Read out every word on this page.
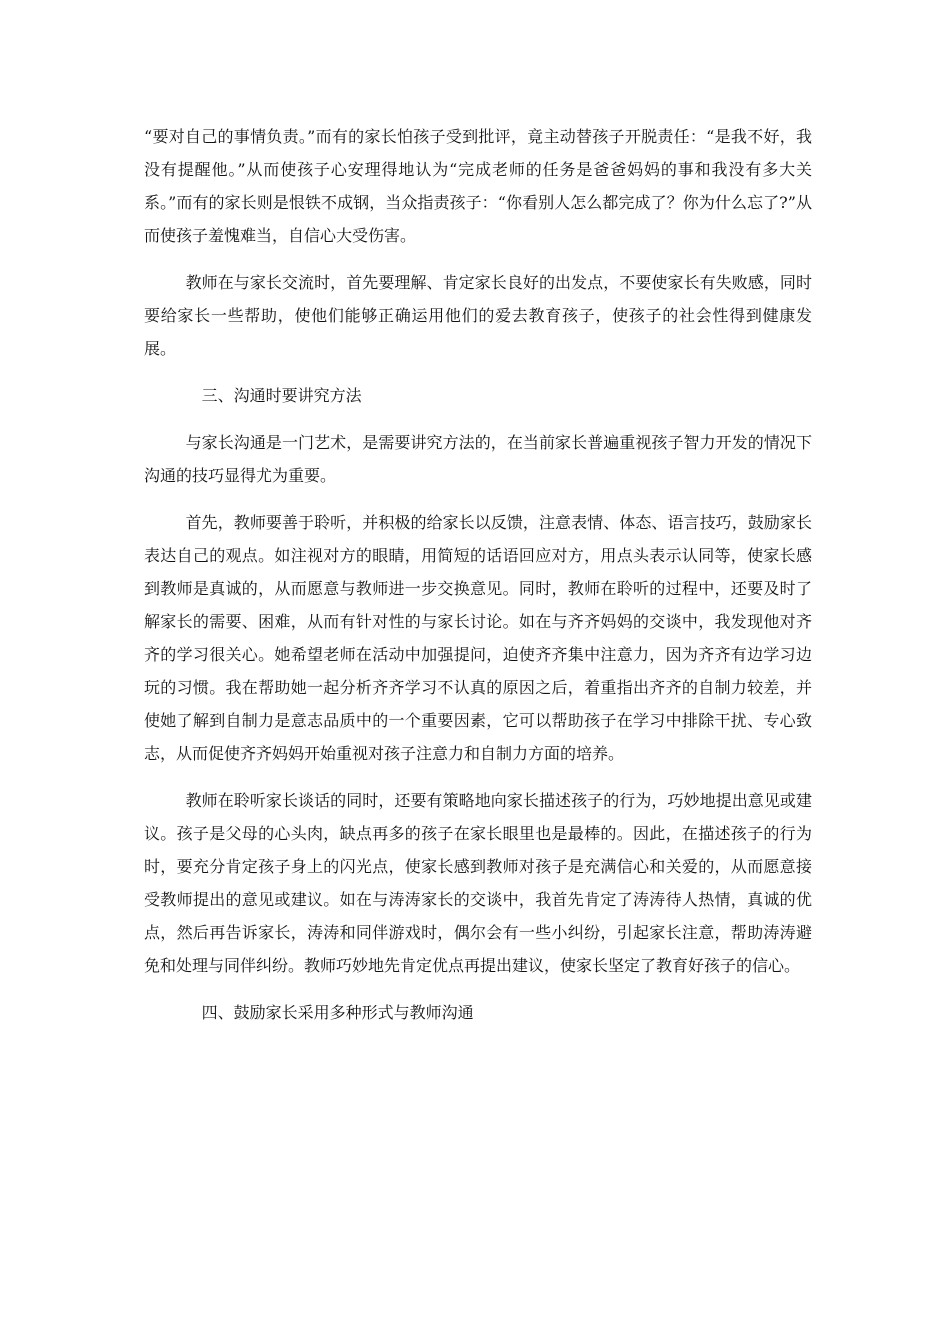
“要对自己的事情负责。”而有的家长怕孩子受到批评，竟主动替孩子开脱责任：“是我不好，我没有提醒他。”从而使孩子心安理得地认为“完成老师的任务是爸爸妈妈的事和我没有多大关系。”而有的家长则是恨铁不成钢，当众指责孩子：“你看别人怎么都完成了？你为什么忘了?”从而使孩子羞愧难当，自信心大受伤害。

教师在与家长交流时，首先要理解、肯定家长良好的出发点，不要使家长有失败感，同时要给家长一些帮助，使他们能够正确运用他们的爱去教育孩子，使孩子的社会性得到健康发展。

三、沟通时要讲究方法

与家长沟通是一门艺术，是需要讲究方法的，在当前家长普遍重视孩子智力开发的情况下沟通的技巧显得尤为重要。

首先，教师要善于聆听，并积极的给家长以反馈，注意表情、体态、语言技巧，鼓励家长表达自己的观点。如注视对方的眼睛，用简短的话语回应对方，用点头表示认同等，使家长感到教师是真诚的，从而愿意与教师进一步交换意见。同时，教师在聆听的过程中，还要及时了解家长的需要、困难，从而有针对性的与家长讨论。如在与齐齐妈妈的交谈中，我发现他对齐齐的学习很关心。她希望老师在活动中加强提问，迫使齐齐集中注意力，因为齐齐有边学习边玩的习惯。我在帮助她一起分析齐齐学习不认真的原因之后，着重指出齐齐的自制力较差，并使她了解到自制力是意志品质中的一个重要因素，它可以帮助孩子在学习中排除干扰、专心致志，从而促使齐齐妈妈开始重视对孩子注意力和自制力方面的培养。

教师在聆听家长谈话的同时，还要有策略地向家长描述孩子的行为，巧妙地提出意见或建议。孩子是父母的心头肉，缺点再多的孩子在家长眼里也是最棒的。因此，在描述孩子的行为时，要充分肯定孩子身上的闪光点，使家长感到教师对孩子是充满信心和关爱的，从而愿意接受教师提出的意见或建议。如在与涛涛家长的交谈中，我首先肯定了涛涛待人热情，真诚的优点，然后再告诉家长，涛涛和同伴游戏时，偶尔会有一些小纠纷，引起家长注意，帮助涛涛避免和处理与同伴纠纷。教师巧妙地先肯定优点再提出建议，使家长坚定了教育好孩子的信心。

四、鼓励家长采用多种形式与教师沟通
